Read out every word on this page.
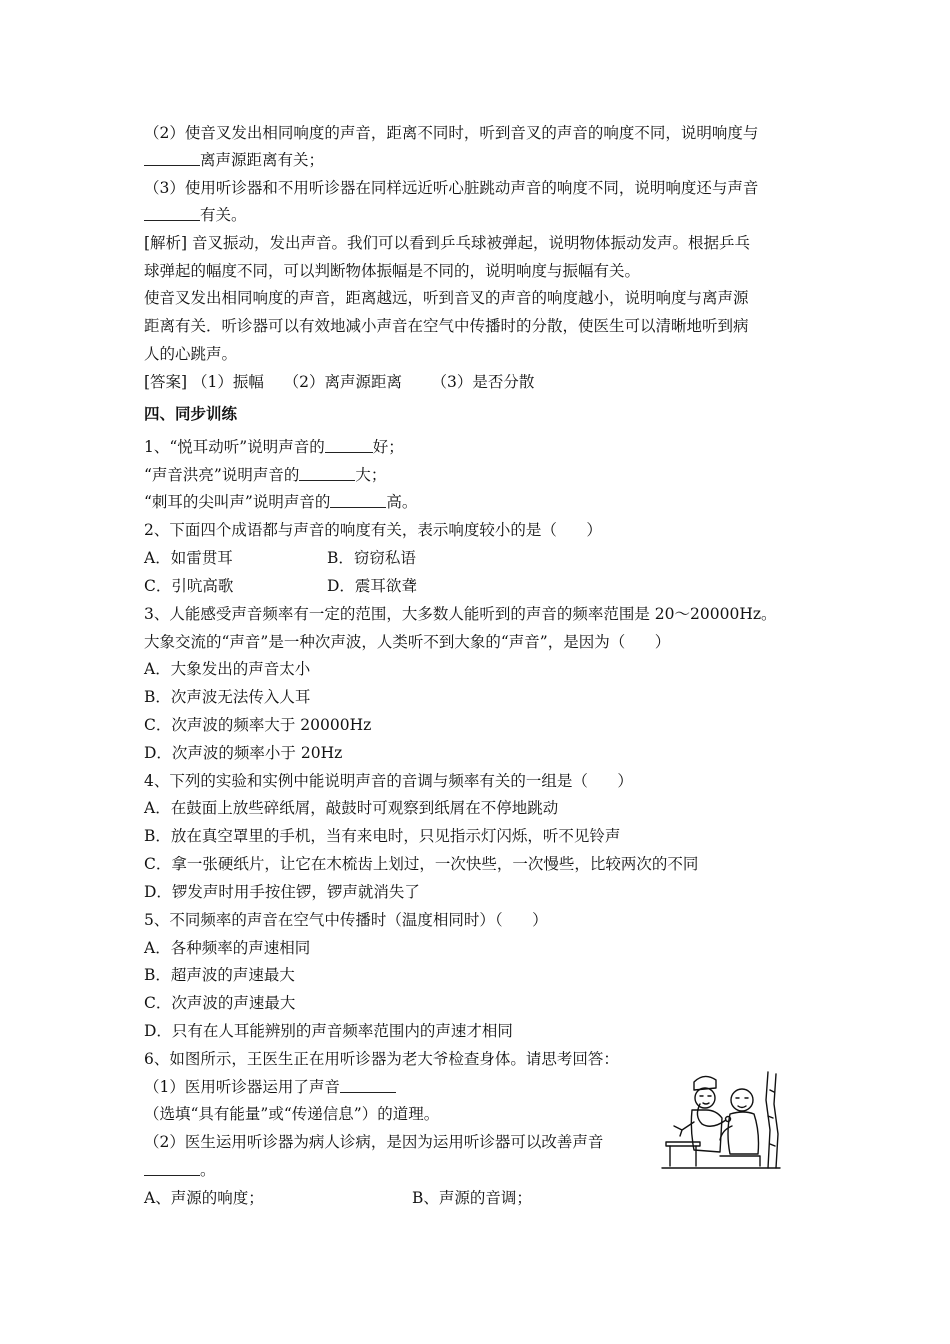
（2）使音叉发出相同响度的声音，距离不同时，听到音叉的声音的响度不同，说明响度与
离声源距离有关；
（3）使用听诊器和不用听诊器在同样远近听心脏跳动声音的响度不同，说明响度还与声音
有关。
[解析] 音叉振动，发出声音。我们可以看到乒乓球被弹起，说明物体振动发声。根据乒乓
球弹起的幅度不同，可以判断物体振幅是不同的，说明响度与振幅有关。
使音叉发出相同响度的声音，距离越远，听到音叉的声音的响度越小，说明响度与离声源
距离有关．听诊器可以有效地减小声音在空气中传播时的分散，使医生可以清晰地听到病
人的心跳声。
[答案] （1）振幅    （2）离声源距离      （3）是否分散
四、同步训练
1、“悦耳动听”说明声音的	好；
“声音洪亮”说明声音的	大；
“刺耳的尖叫声”说明声音的	高。
2、下面四个成语都与声音的响度有关，表示响度较小的是（      ）
A．如雷贯耳	B．窃窃私语
C．引吭高歌	D．震耳欲聋
3、人能感受声音频率有一定的范围，大多数人能听到的声音的频率范围是 20～20000Hz。
大象交流的“声音”是一种次声波，人类听不到大象的“声音”，是因为（      ）
A．大象发出的声音太小
B．次声波无法传入人耳
C．次声波的频率大于 20000Hz
D．次声波的频率小于 20Hz
4、下列的实验和实例中能说明声音的音调与频率有关的一组是（      ）
A．在鼓面上放些碎纸屑，敲鼓时可观察到纸屑在不停地跳动
B．放在真空罩里的手机，当有来电时，只见指示灯闪烁，听不见铃声
C．拿一张硬纸片，让它在木梳齿上划过，一次快些，一次慢些，比较两次的不同
D．锣发声时用手按住锣，锣声就消失了
5、不同频率的声音在空气中传播时（温度相同时）（      ）
A．各种频率的声速相同
B．超声波的声速最大
C．次声波的声速最大
D．只有在人耳能辨别的声音频率范围内的声速才相同
6、如图所示，王医生正在用听诊器为老大爷检查身体。请思考回答：
（1）医用听诊器运用了声音
（选填“具有能量”或“传递信息”）的道理。
（2）医生运用听诊器为病人诊病，是因为运用听诊器可以改善声音
。
A、声源的响度；	B、声源的音调；
